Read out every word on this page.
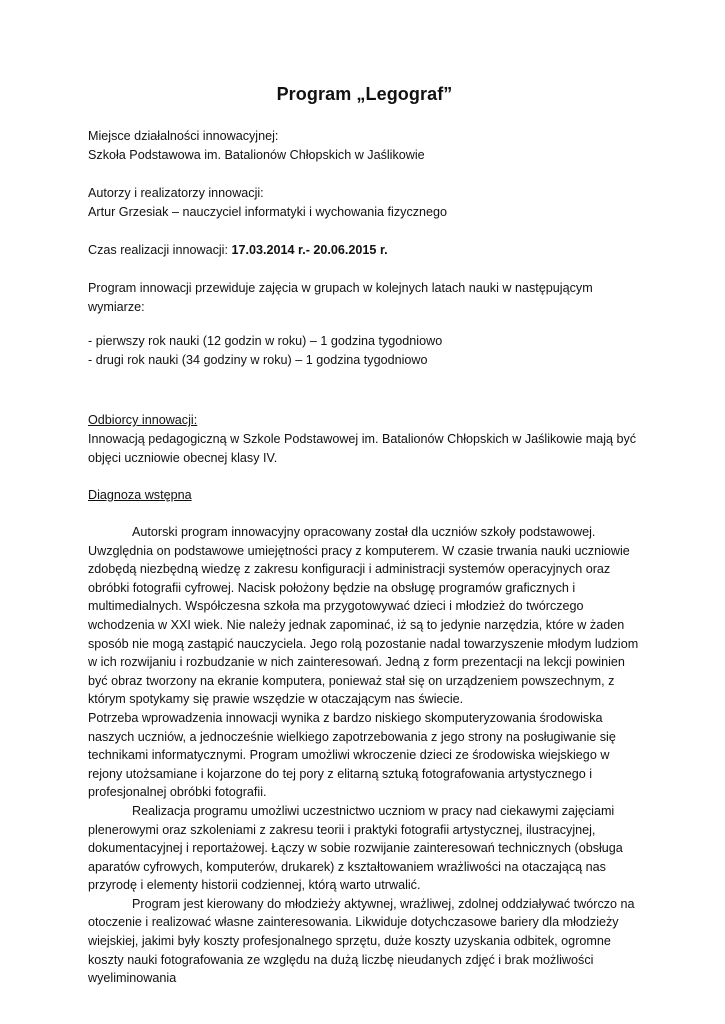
Program „Legograf”

Miejsce działalności innowacyjnej:

Szkoła Podstawowa im. Batalionów Chłopskich w Jaślikowie

Autorzy i realizatorzy innowacji:

Artur Grzesiak – nauczyciel informatyki i wychowania fizycznego

Czas realizacji innowacji: 17.03.2014 r.- 20.06.2015 r.

Program innowacji przewiduje zajęcia w grupach w kolejnych latach nauki w następującym wymiarze:

- pierwszy rok nauki (12 godzin w roku) – 1 godzina tygodniowo

- drugi rok nauki (34 godziny w roku) – 1 godzina tygodniowo

Odbiorcy innowacji:

Innowacją pedagogiczną w Szkole Podstawowej im. Batalionów Chłopskich w Jaślikowie mają być objęci uczniowie obecnej klasy IV.

Diagnoza wstępna

Autorski program innowacyjny opracowany został dla uczniów szkoły podstawowej. Uwzględnia on podstawowe umiejętności pracy z komputerem. W czasie trwania nauki uczniowie zdobędą niezbędną wiedzę z zakresu konfiguracji i administracji systemów operacyjnych oraz obróbki fotografii cyfrowej. Nacisk położony będzie na obsługę programów graficznych i multimedialnych. Współczesna szkoła ma przygotowywać dzieci i młodzież do twórczego wchodzenia w XXI wiek. Nie należy jednak zapominać, iż są to jedynie narzędzia, które w żaden sposób nie mogą zastąpić nauczyciela. Jego rolą pozostanie nadal towarzyszenie młodym ludziom w ich rozwijaniu i rozbudzanie w nich zainteresowań. Jedną z form prezentacji na lekcji powinien być obraz tworzony na ekranie komputera, ponieważ stał się on urządzeniem powszechnym, z którym spotykamy się prawie wszędzie w otaczającym nas świecie.

Potrzeba wprowadzenia innowacji wynika z bardzo niskiego skomputeryzowania środowiska naszych uczniów, a jednocześnie wielkiego zapotrzebowania z jego strony na posługiwanie się technikami informatycznymi. Program umożliwi wkroczenie dzieci ze środowiska wiejskiego w rejony utożsamiane i kojarzone do tej pory z elitarną sztuką fotografowania artystycznego i profesjonalnej obróbki fotografii.

Realizacja programu umożliwi uczestnictwo uczniom w pracy nad ciekawymi zajęciami plenerowymi oraz szkoleniami z zakresu teorii i praktyki fotografii artystycznej, ilustracyjnej, dokumentacyjnej i reportażowej. Łączy w sobie rozwijanie zainteresowań technicznych (obsługa aparatów cyfrowych, komputerów, drukarek) z kształtowaniem wrażliwości na otaczającą nas przyrodę i elementy historii codziennej, którą warto utrwalić.

Program jest kierowany do młodzieży aktywnej, wrażliwej, zdolnej oddziaływać twórczo na otoczenie i realizować własne zainteresowania. Likwiduje dotychczasowe bariery dla młodzieży wiejskiej, jakimi były koszty profesjonalnego sprzętu, duże koszty uzyskania odbitek, ogromne koszty nauki fotografowania ze względu na dużą liczbę nieudanych zdjęć i brak możliwości wyeliminowania
